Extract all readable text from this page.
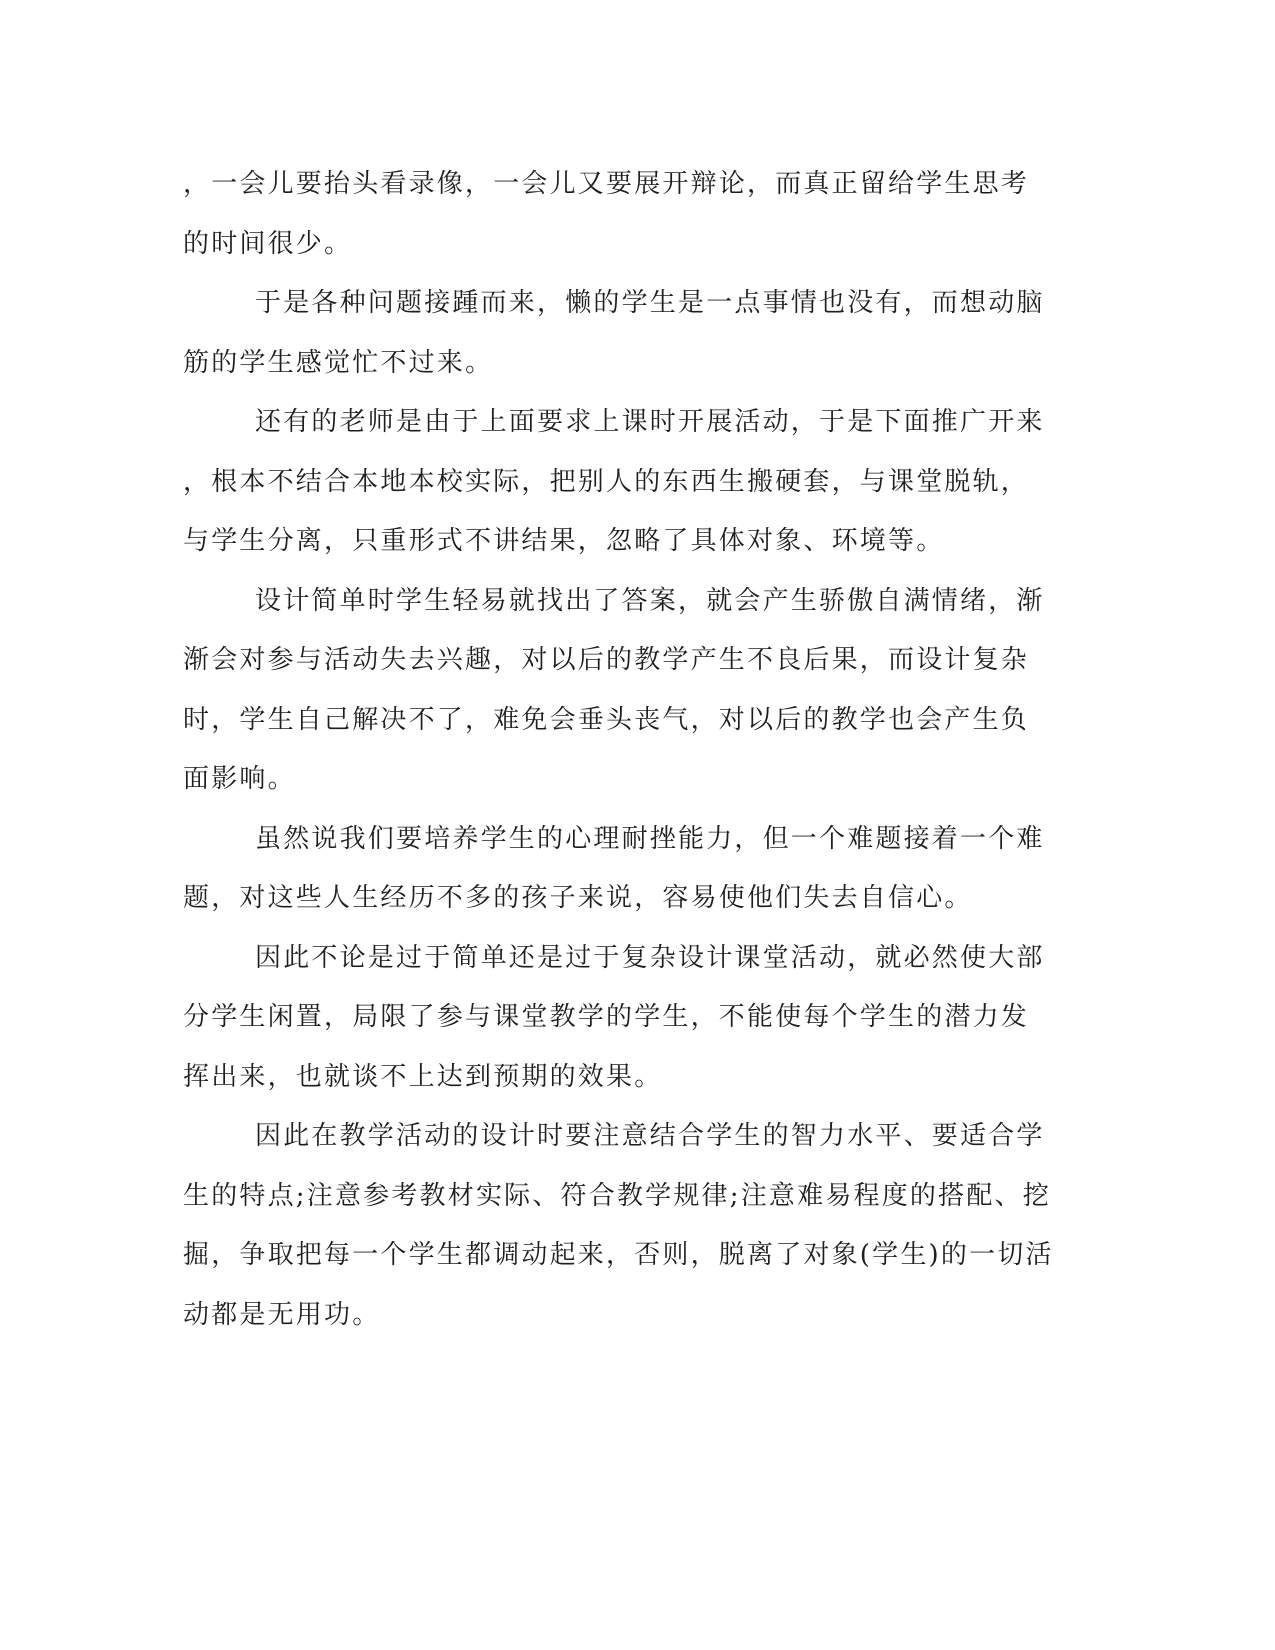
，一会儿要抬头看录像，一会儿又要展开辩论，而真正留给学生思考
的时间很少。

于是各种问题接踵而来，懒的学生是一点事情也没有，而想动脑
筋的学生感觉忙不过来。

还有的老师是由于上面要求上课时开展活动，于是下面推广开来
，根本不结合本地本校实际，把别人的东西生搬硬套，与课堂脱轨，
与学生分离，只重形式不讲结果，忽略了具体对象、环境等。

设计简单时学生轻易就找出了答案，就会产生骄傲自满情绪，渐
渐会对参与活动失去兴趣，对以后的教学产生不良后果，而设计复杂
时，学生自己解决不了，难免会垂头丧气，对以后的教学也会产生负
面影响。

虽然说我们要培养学生的心理耐挫能力，但一个难题接着一个难
题，对这些人生经历不多的孩子来说，容易使他们失去自信心。

因此不论是过于简单还是过于复杂设计课堂活动，就必然使大部
分学生闲置，局限了参与课堂教学的学生，不能使每个学生的潜力发
挥出来，也就谈不上达到预期的效果。

因此在教学活动的设计时要注意结合学生的智力水平、要适合学
生的特点;注意参考教材实际、符合教学规律;注意难易程度的搭配、挖
掘，争取把每一个学生都调动起来，否则，脱离了对象(学生)的一切活
动都是无用功。
